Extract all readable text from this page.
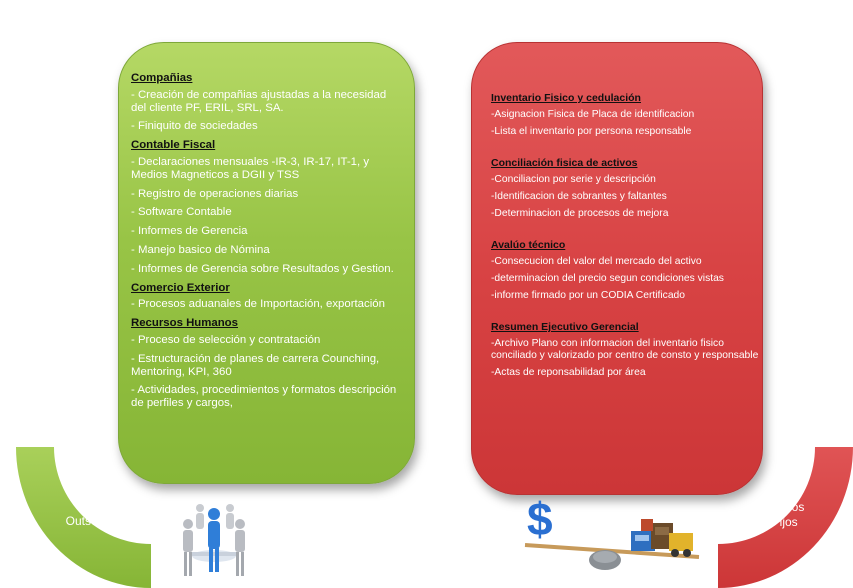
Compañias
- Creación de compañias ajustadas a la necesidad del cliente PF, ERIL, SRL, SA.
- Finiquito de sociedades
Contable Fiscal
- Declaraciones mensuales -IR-3, IR-17, IT-1, y Medios Magneticos a DGII y TSS
- Registro de operaciones diarias
- Software Contable
- Informes de Gerencia
- Manejo basico de Nómina
- Informes de Gerencia sobre Resultados y Gestion.
Comercio Exterior
- Procesos aduanales de Importación, exportación
Recursos Humanos
- Proceso de selección y contratación
- Estructuración de planes de carrera Counching, Mentoring, KPI, 360
- Actividades, procedimientos y formatos descripción de perfiles y cargos,
Inventario Fisico y cedulación
-Asignacion Fisica de Placa de identificacion
-Lista el inventario por persona responsable
Conciliación fisica de activos
-Conciliacion por serie y descripción
-Identificacion de sobrantes y faltantes
-Determinacion de procesos de mejora
Avalúo técnico
-Consecucion del valor del mercado del activo
-determinacion del precio segun condiciones vistas
-informe firmado por un CODIA Certificado
Resumen Ejecutivo Gerencial
-Archivo Plano con informacion del inventario fisico conciliado y valorizado por centro de consto y responsable
-Actas de reponsabilidad por área
Outsourcing
Activos
Fijos
$
